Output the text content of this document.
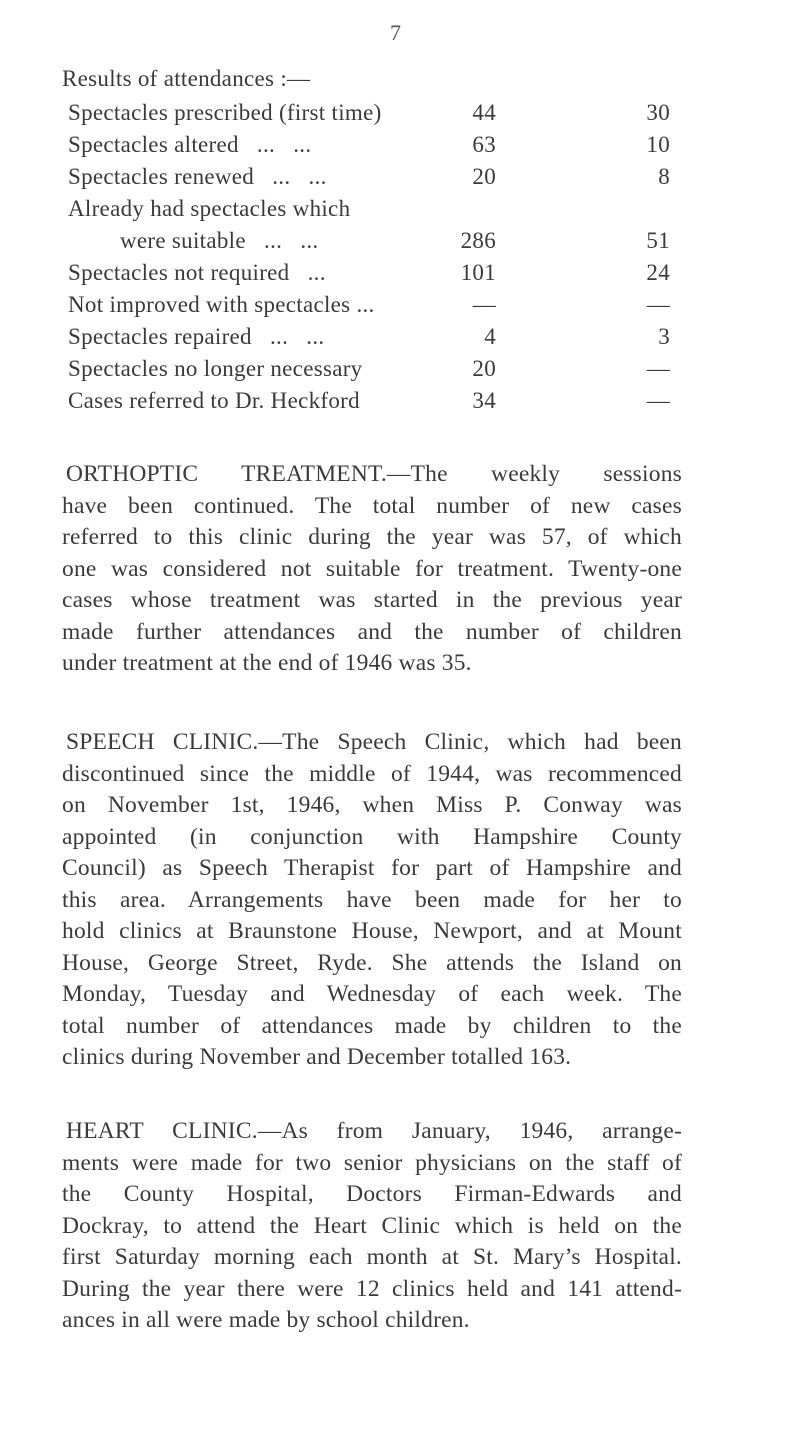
7
Results of attendances :—
Spectacles prescribed (first time)	44	30
Spectacles altered   ...   ...	63	10
Spectacles renewed   ...   ...	20	8
Already had spectacles which
were suitable   ...   ...	286	51
Spectacles not required   ...	101	24
Not improved with spectacles ...	—	—
Spectacles repaired   ...   ...	4	3
Spectacles no longer necessary	20	—
Cases referred to Dr. Heckford	34	—
ORTHOPTIC TREATMENT.—The weekly sessions
have been continued. The total number of new cases
referred to this clinic during the year was 57, of which
one was considered not suitable for treatment. Twenty-one
cases whose treatment was started in the previous year
made further attendances and the number of children
under treatment at the end of 1946 was 35.
SPEECH CLINIC.—The Speech Clinic, which had been
discontinued since the middle of 1944, was recommenced
on November 1st, 1946, when Miss P. Conway was
appointed (in conjunction with Hampshire County
Council) as Speech Therapist for part of Hampshire and
this area. Arrangements have been made for her to
hold clinics at Braunstone House, Newport, and at Mount
House, George Street, Ryde. She attends the Island on
Monday, Tuesday and Wednesday of each week. The
total number of attendances made by children to the
clinics during November and December totalled 163.
HEART CLINIC.—As from January, 1946, arrange-
ments were made for two senior physicians on the staff of
the County Hospital, Doctors Firman-Edwards and
Dockray, to attend the Heart Clinic which is held on the
first Saturday morning each month at St. Mary’s Hospital.
During the year there were 12 clinics held and 141 attend-
ances in all were made by school children.
